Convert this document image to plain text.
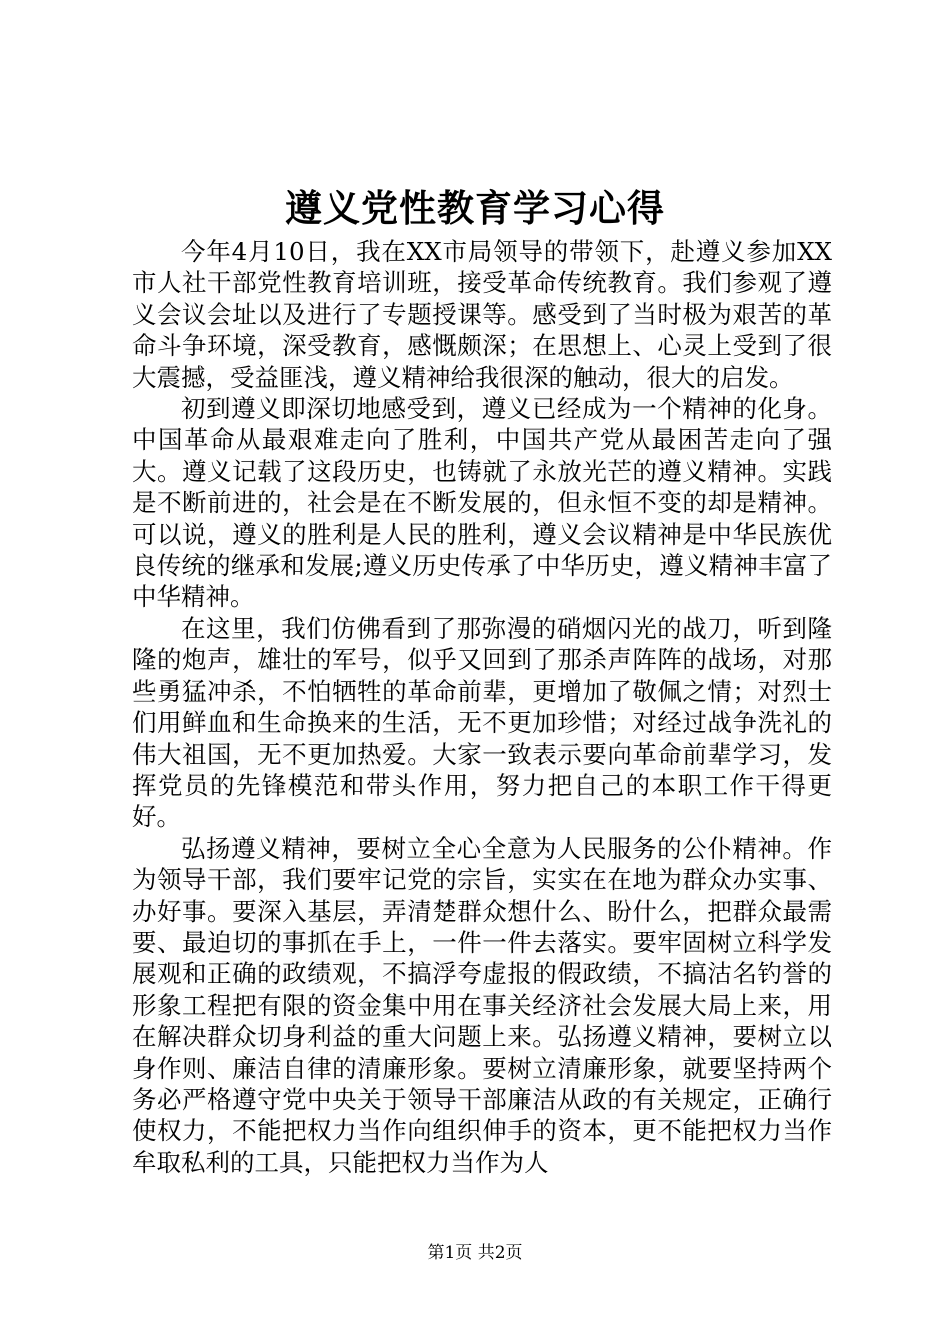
遵义党性教育学习心得

今年4月10日，我在XX市局领导的带领下，赴遵义参加XX市人社干部党性教育培训班，接受革命传统教育。我们参观了遵义会议会址以及进行了专题授课等。感受到了当时极为艰苦的革命斗争环境，深受教育，感慨颇深；在思想上、心灵上受到了很大震撼，受益匪浅，遵义精神给我很深的触动，很大的启发。

初到遵义即深切地感受到，遵义已经成为一个精神的化身。中国革命从最艰难走向了胜利，中国共产党从最困苦走向了强大。遵义记载了这段历史，也铸就了永放光芒的遵义精神。实践是不断前进的，社会是在不断发展的，但永恒不变的却是精神。可以说，遵义的胜利是人民的胜利，遵义会议精神是中华民族优良传统的继承和发展;遵义历史传承了中华历史，遵义精神丰富了中华精神。

在这里，我们仿佛看到了那弥漫的硝烟闪光的战刀，听到隆隆的炮声，雄壮的军号，似乎又回到了那杀声阵阵的战场，对那些勇猛冲杀，不怕牺牲的革命前辈，更增加了敬佩之情；对烈士们用鲜血和生命换来的生活，无不更加珍惜；对经过战争洗礼的伟大祖国，无不更加热爱。大家一致表示要向革命前辈学习，发挥党员的先锋模范和带头作用，努力把自己的本职工作干得更好。

弘扬遵义精神，要树立全心全意为人民服务的公仆精神。作为领导干部，我们要牢记党的宗旨，实实在在地为群众办实事、办好事。要深入基层，弄清楚群众想什么、盼什么，把群众最需要、最迫切的事抓在手上，一件一件去落实。要牢固树立科学发展观和正确的政绩观，不搞浮夸虚报的假政绩，不搞沽名钓誉的形象工程把有限的资金集中用在事关经济社会发展大局上来，用在解决群众切身利益的重大问题上来。弘扬遵义精神，要树立以身作则、廉洁自律的清廉形象。要树立清廉形象，就要坚持两个务必严格遵守党中央关于领导干部廉洁从政的有关规定，正确行使权力，不能把权力当作向组织伸手的资本，更不能把权力当作牟取私利的工具，只能把权力当作为人

第1页 共2页
